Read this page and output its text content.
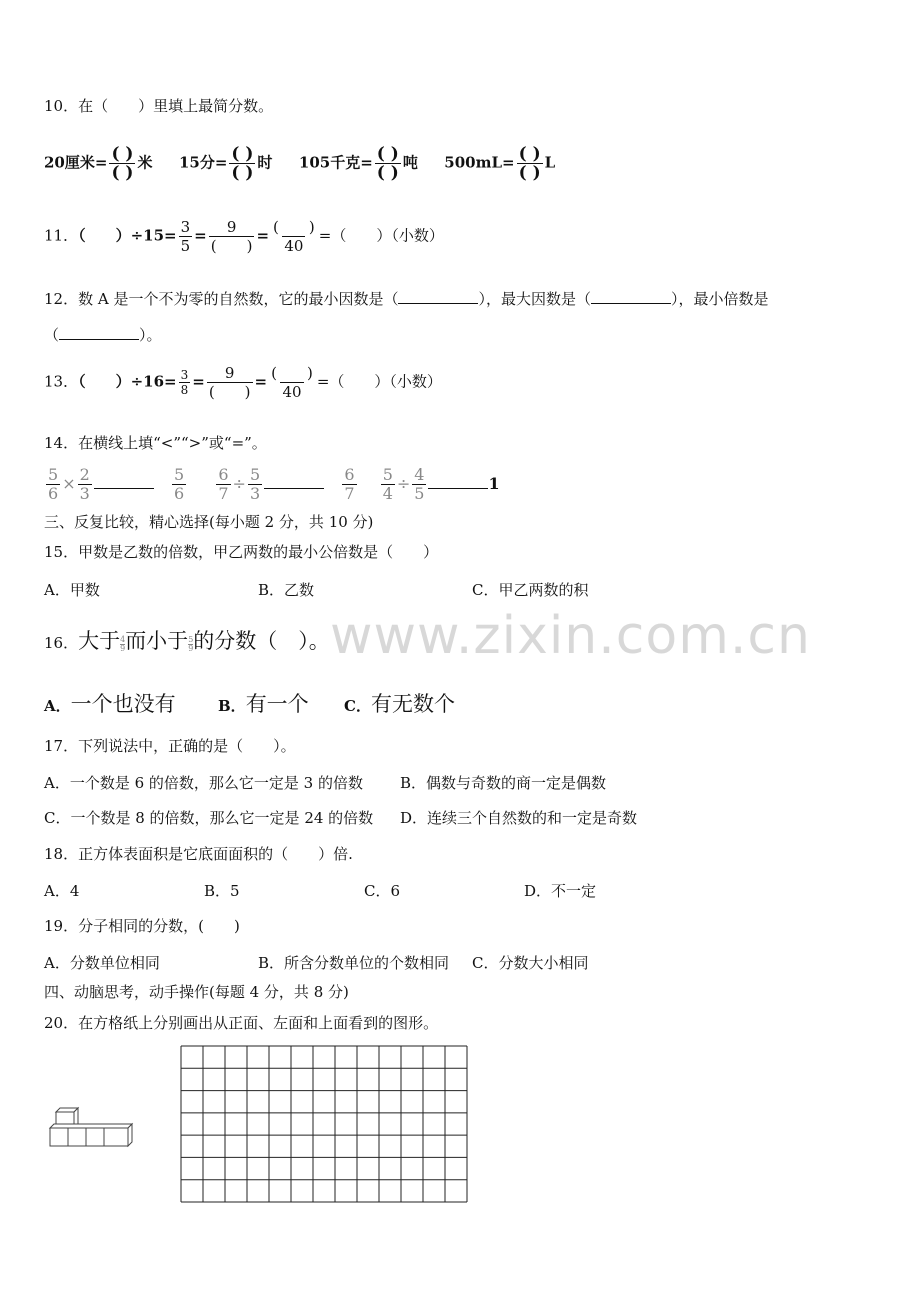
10．在（　　）里填上最简分数。
20厘米= $\frac{( )}{( )}$ 米 15分= $\frac{( )}{( )}$ 时 105千克= $\frac{( )}{( )}$ 吨 $500mL= \frac{( )}{( )}$ L
11．（　　）$\div 15= \frac{3}{5} = \frac{9}{( )} = \frac{( )}{40}$ =（　　）（小数）
12．数 A 是一个不为零的自然数，它的最小因数是（	），最大因数是（	），最小倍数是
（	）。
13．（　　）$\div 16= \frac{3}{8} = \frac{9}{( )} = \frac{( )}{40}$ =（　　）（小数）
14．在横线上填“<”“>”或“=”。
$\frac{5}{6} \times \frac{2}{3}$
	$\frac{5}{6}$
$\frac{6}{7} \div \frac{5}{3}$
	$\frac{6}{7}$
$\frac{5}{4} \div \frac{4}{5}$	1
三、反复比较，精心选择(每小题 2 分，共 10 分)
15．甲数是乙数的倍数，甲乙两数的最小公倍数是（　　）
A．甲数	B．乙数	C．甲乙两数的积
www.zixin.com.cn
16．大于 $\frac{4}{9}$ 而小于 $\frac{5}{9}$ 的分数（　）。
A．一个也没有	B．有一个 C．有无数个
17．下列说法中，正确的是（　　）。
A．一个数是 6 的倍数，那么它一定是 3 的倍数 B．偶数与奇数的商一定是偶数
C．一个数是 8 的倍数，那么它一定是 24 的倍数 D．连续三个自然数的和一定是奇数
18．正方体表面积是它底面面积的（　　）倍.
A．4	B．5	C．6	D．不一定
19．分子相同的分数，(　　)
A．分数单位相同	B．所含分数单位的个数相同 C．分数大小相同
四、动脑思考，动手操作(每题 4 分，共 8 分)
20．在方格纸上分别画出从正面、左面和上面看到的图形。
